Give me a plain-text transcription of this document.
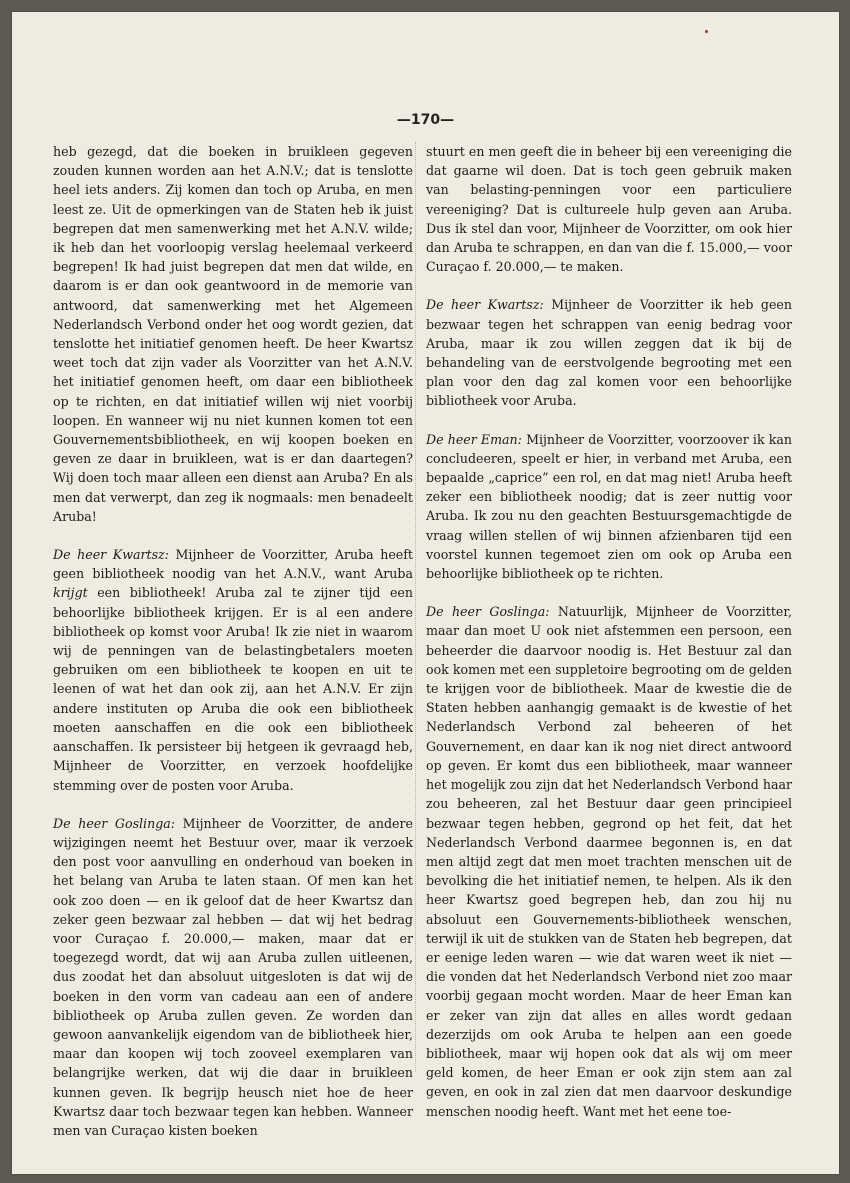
—170—

heb gezegd, dat die boeken in bruikleen gegeven zouden kunnen worden aan het A.N.V.; dat is tenslotte heel iets anders. Zij komen dan toch op Aruba, en men leest ze. Uit de opmerkingen van de Staten heb ik juist begrepen dat men samenwerking met het A.N.V. wilde; ik heb dan het voorloopig verslag heelemaal verkeerd begrepen! Ik had juist begrepen dat men dat wilde, en daarom is er dan ook geantwoord in de memorie van antwoord, dat samenwerking met het Algemeen Nederlandsch Verbond onder het oog wordt gezien, dat tenslotte het initiatief genomen heeft. De heer Kwartsz weet toch dat zijn vader als Voorzitter van het A.N.V. het initiatief genomen heeft, om daar een bibliotheek op te richten, en dat initiatief willen wij niet voorbij loopen. En wanneer wij nu niet kunnen komen tot een Gouvernementsbibliotheek, en wij koopen boeken en geven ze daar in bruikleen, wat is er dan daartegen? Wij doen toch maar alleen een dienst aan Aruba? En als men dat verwerpt, dan zeg ik nogmaals: men benadeelt Aruba!

De heer Kwartsz: Mijnheer de Voorzitter, Aruba heeft geen bibliotheek noodig van het A.N.V., want Aruba krijgt een bibliotheek! Aruba zal te zijner tijd een behoorlijke bibliotheek krijgen. Er is al een andere bibliotheek op komst voor Aruba! Ik zie niet in waarom wij de penningen van de belastingbetalers moeten gebruiken om een bibliotheek te koopen en uit te leenen of wat het dan ook zij, aan het A.N.V. Er zijn andere instituten op Aruba die ook een bibliotheek moeten aanschaffen en die ook een bibliotheek aanschaffen. Ik persisteer bij hetgeen ik gevraagd heb, Mijnheer de Voorzitter, en verzoek hoofdelijke stemming over de posten voor Aruba.

De heer Goslinga: Mijnheer de Voorzitter, de andere wijzigingen neemt het Bestuur over, maar ik verzoek den post voor aanvulling en onderhoud van boeken in het belang van Aruba te laten staan. Of men kan het ook zoo doen — en ik geloof dat de heer Kwartsz dan zeker geen bezwaar zal hebben — dat wij het bedrag voor Curaçao f. 20.000,— maken, maar dat er toegezegd wordt, dat wij aan Aruba zullen uitleenen, dus zoodat het dan absoluut uitgesloten is dat wij de boeken in den vorm van cadeau aan een of andere bibliotheek op Aruba zullen geven. Ze worden dan gewoon aanvankelijk eigendom van de bibliotheek hier, maar dan koopen wij toch zooveel exemplaren van belangrijke werken, dat wij die daar in bruikleen kunnen geven. Ik begrijp heusch niet hoe de heer Kwartsz daar toch bezwaar tegen kan hebben. Wanneer men van Curaçao kisten boeken

stuurt en men geeft die in beheer bij een vereeniging die dat gaarne wil doen. Dat is toch geen gebruik maken van belasting-penningen voor een particuliere vereeniging? Dat is cultureele hulp geven aan Aruba. Dus ik stel dan voor, Mijnheer de Voorzitter, om ook hier dan Aruba te schrappen, en dan van die f. 15.000,— voor Curaçao f. 20.000,— te maken.

De heer Kwartsz: Mijnheer de Voorzitter ik heb geen bezwaar tegen het schrappen van eenig bedrag voor Aruba, maar ik zou willen zeggen dat ik bij de behandeling van de eerstvolgende begrooting met een plan voor den dag zal komen voor een behoorlijke bibliotheek voor Aruba.

De heer Eman: Mijnheer de Voorzitter, voorzoover ik kan concludeeren, speelt er hier, in verband met Aruba, een bepaalde „caprice” een rol, en dat mag niet! Aruba heeft zeker een bibliotheek noodig; dat is zeer nuttig voor Aruba. Ik zou nu den geachten Bestuursgemachtigde de vraag willen stellen of wij binnen afzienbaren tijd een voorstel kunnen tegemoet zien om ook op Aruba een behoorlijke bibliotheek op te richten.

De heer Goslinga: Natuurlijk, Mijnheer de Voorzitter, maar dan moet U ook niet afstemmen een persoon, een beheerder die daarvoor noodig is. Het Bestuur zal dan ook komen met een suppletoire begrooting om de gelden te krijgen voor de bibliotheek. Maar de kwestie die de Staten hebben aanhangig gemaakt is de kwestie of het Nederlandsch Verbond zal beheeren of het Gouvernement, en daar kan ik nog niet direct antwoord op geven. Er komt dus een bibliotheek, maar wanneer het mogelijk zou zijn dat het Nederlandsch Verbond haar zou beheeren, zal het Bestuur daar geen principieel bezwaar tegen hebben, gegrond op het feit, dat het Nederlandsch Verbond daarmee begonnen is, en dat men altijd zegt dat men moet trachten menschen uit de bevolking die het initiatief nemen, te helpen. Als ik den heer Kwartsz goed begrepen heb, dan zou hij nu absoluut een Gouvernements-bibliotheek wenschen, terwijl ik uit de stukken van de Staten heb begrepen, dat er eenige leden waren — wie dat waren weet ik niet — die vonden dat het Nederlandsch Verbond niet zoo maar voorbij gegaan mocht worden. Maar de heer Eman kan er zeker van zijn dat alles en alles wordt gedaan dezerzijds om ook Aruba te helpen aan een goede bibliotheek, maar wij hopen ook dat als wij om meer geld komen, de heer Eman er ook zijn stem aan zal geven, en ook in zal zien dat men daarvoor deskundige menschen noodig heeft. Want met het eene toe-
